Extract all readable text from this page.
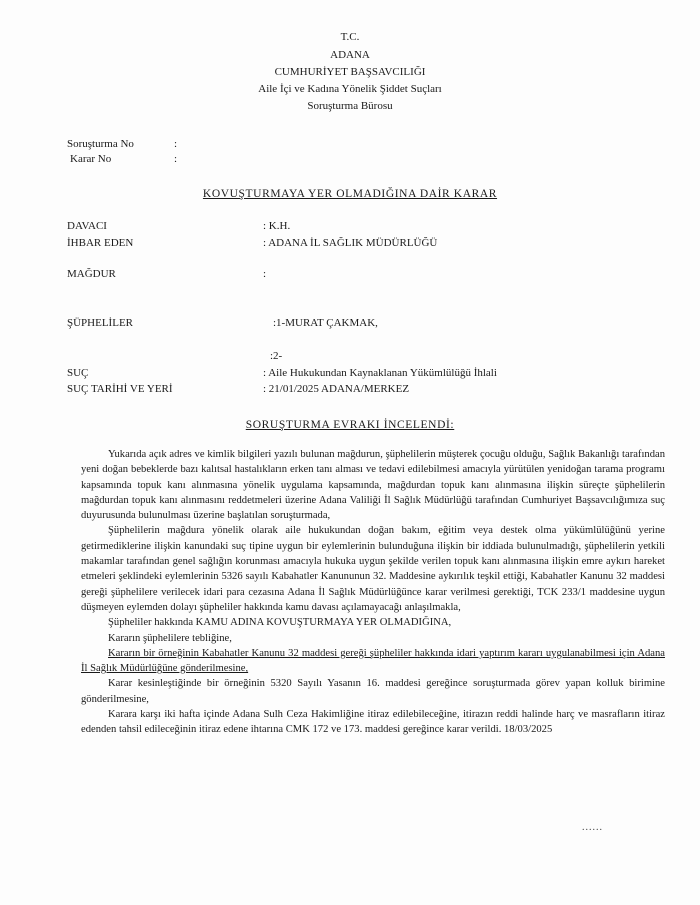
T.C.
ADANA
CUMHURİYET BAŞSAVCILIĞI
Aile İçi ve Kadına Yönelik Şiddet Suçları
Soruşturma Bürosu
Soruşturma No	:
Karar No	:
KOVUŞTURMAYA YER OLMADIĞINA DAİR KARAR
DAVACI	: K.H.
İHBAR EDEN	: ADANA İL SAĞLIK MÜDÜRLÜĞÜ
MAĞDUR	:
ŞÜPHELİLER	:1-MURAT ÇAKMAK,
:2-
SUÇ	: Aile Hukukundan Kaynaklanan Yükümlülüğü İhlali
SUÇ TARİHİ VE YERİ	: 21/01/2025 ADANA/MERKEZ
SORUŞTURMA EVRAKI İNCELENDİ:

Yukarıda açık adres ve kimlik bilgileri yazılı bulunan mağdurun, şüphelilerin müşterek çocuğu olduğu, Sağlık Bakanlığı tarafından yeni doğan bebeklerde bazı kalıtsal hastalıkların erken tanı alması ve tedavi edilebilmesi amacıyla yürütülen yenidoğan tarama programı kapsamında topuk kanı alınmasına yönelik uygulama kapsamında, mağdurdan topuk kanı alınmasına ilişkin süreçte şüphelilerin mağdurdan topuk kanı alınmasını reddetmeleri üzerine Adana Valiliği İl Sağlık Müdürlüğü tarafından Cumhuriyet Başsavcılığımıza suç duyurusunda bulunulması üzerine başlatılan soruşturmada,

Şüphelilerin mağdura yönelik olarak aile hukukundan doğan bakım, eğitim veya destek olma yükümlülüğünü yerine getirmediklerine ilişkin kanundaki suç tipine uygun bir eylemlerinin bulunduğuna ilişkin bir iddiada bulunulmadığı, şüphelilerin yetkili makamlar tarafından genel sağlığın korunması amacıyla hukuka uygun şekilde verilen topuk kanı alınmasına ilişkin emre aykırı hareket etmeleri şeklindeki eylemlerinin 5326 sayılı Kabahatler Kanununun 32. Maddesine aykırılık teşkil ettiği, Kabahatler Kanunu 32 maddesi gereği şüphelilere verilecek idari para cezasına Adana İl Sağlık Müdürlüğünce karar verilmesi gerektiği, TCK 233/1 maddesine uygun düşmeyen eylemden dolayı şüpheliler hakkında kamu davası açılamayacağı anlaşılmakla,

Şüpheliler hakkında KAMU ADINA KOVUŞTURMAYA YER OLMADIĞINA,

Kararın şüphelilere tebliğine,

Kararın bir örneğinin Kabahatler Kanunu 32 maddesi gereği şüpheliler hakkında idari yaptırım kararı uygulanabilmesi için Adana İl Sağlık Müdürlüğüne gönderilmesine,

Karar kesinleştiğinde bir örneğinin 5320 Sayılı Yasanın 16. maddesi gereğince soruşturmada görev yapan kolluk birimine gönderilmesine,

Karara karşı iki hafta içinde Adana Sulh Ceza Hakimliğine itiraz edilebileceğine, itirazın reddi halinde harç ve masrafların itiraz edenden tahsil edileceğinin itiraz edene ihtarına CMK 172 ve 173. maddesi gereğince karar verildi. 18/03/2025

......
